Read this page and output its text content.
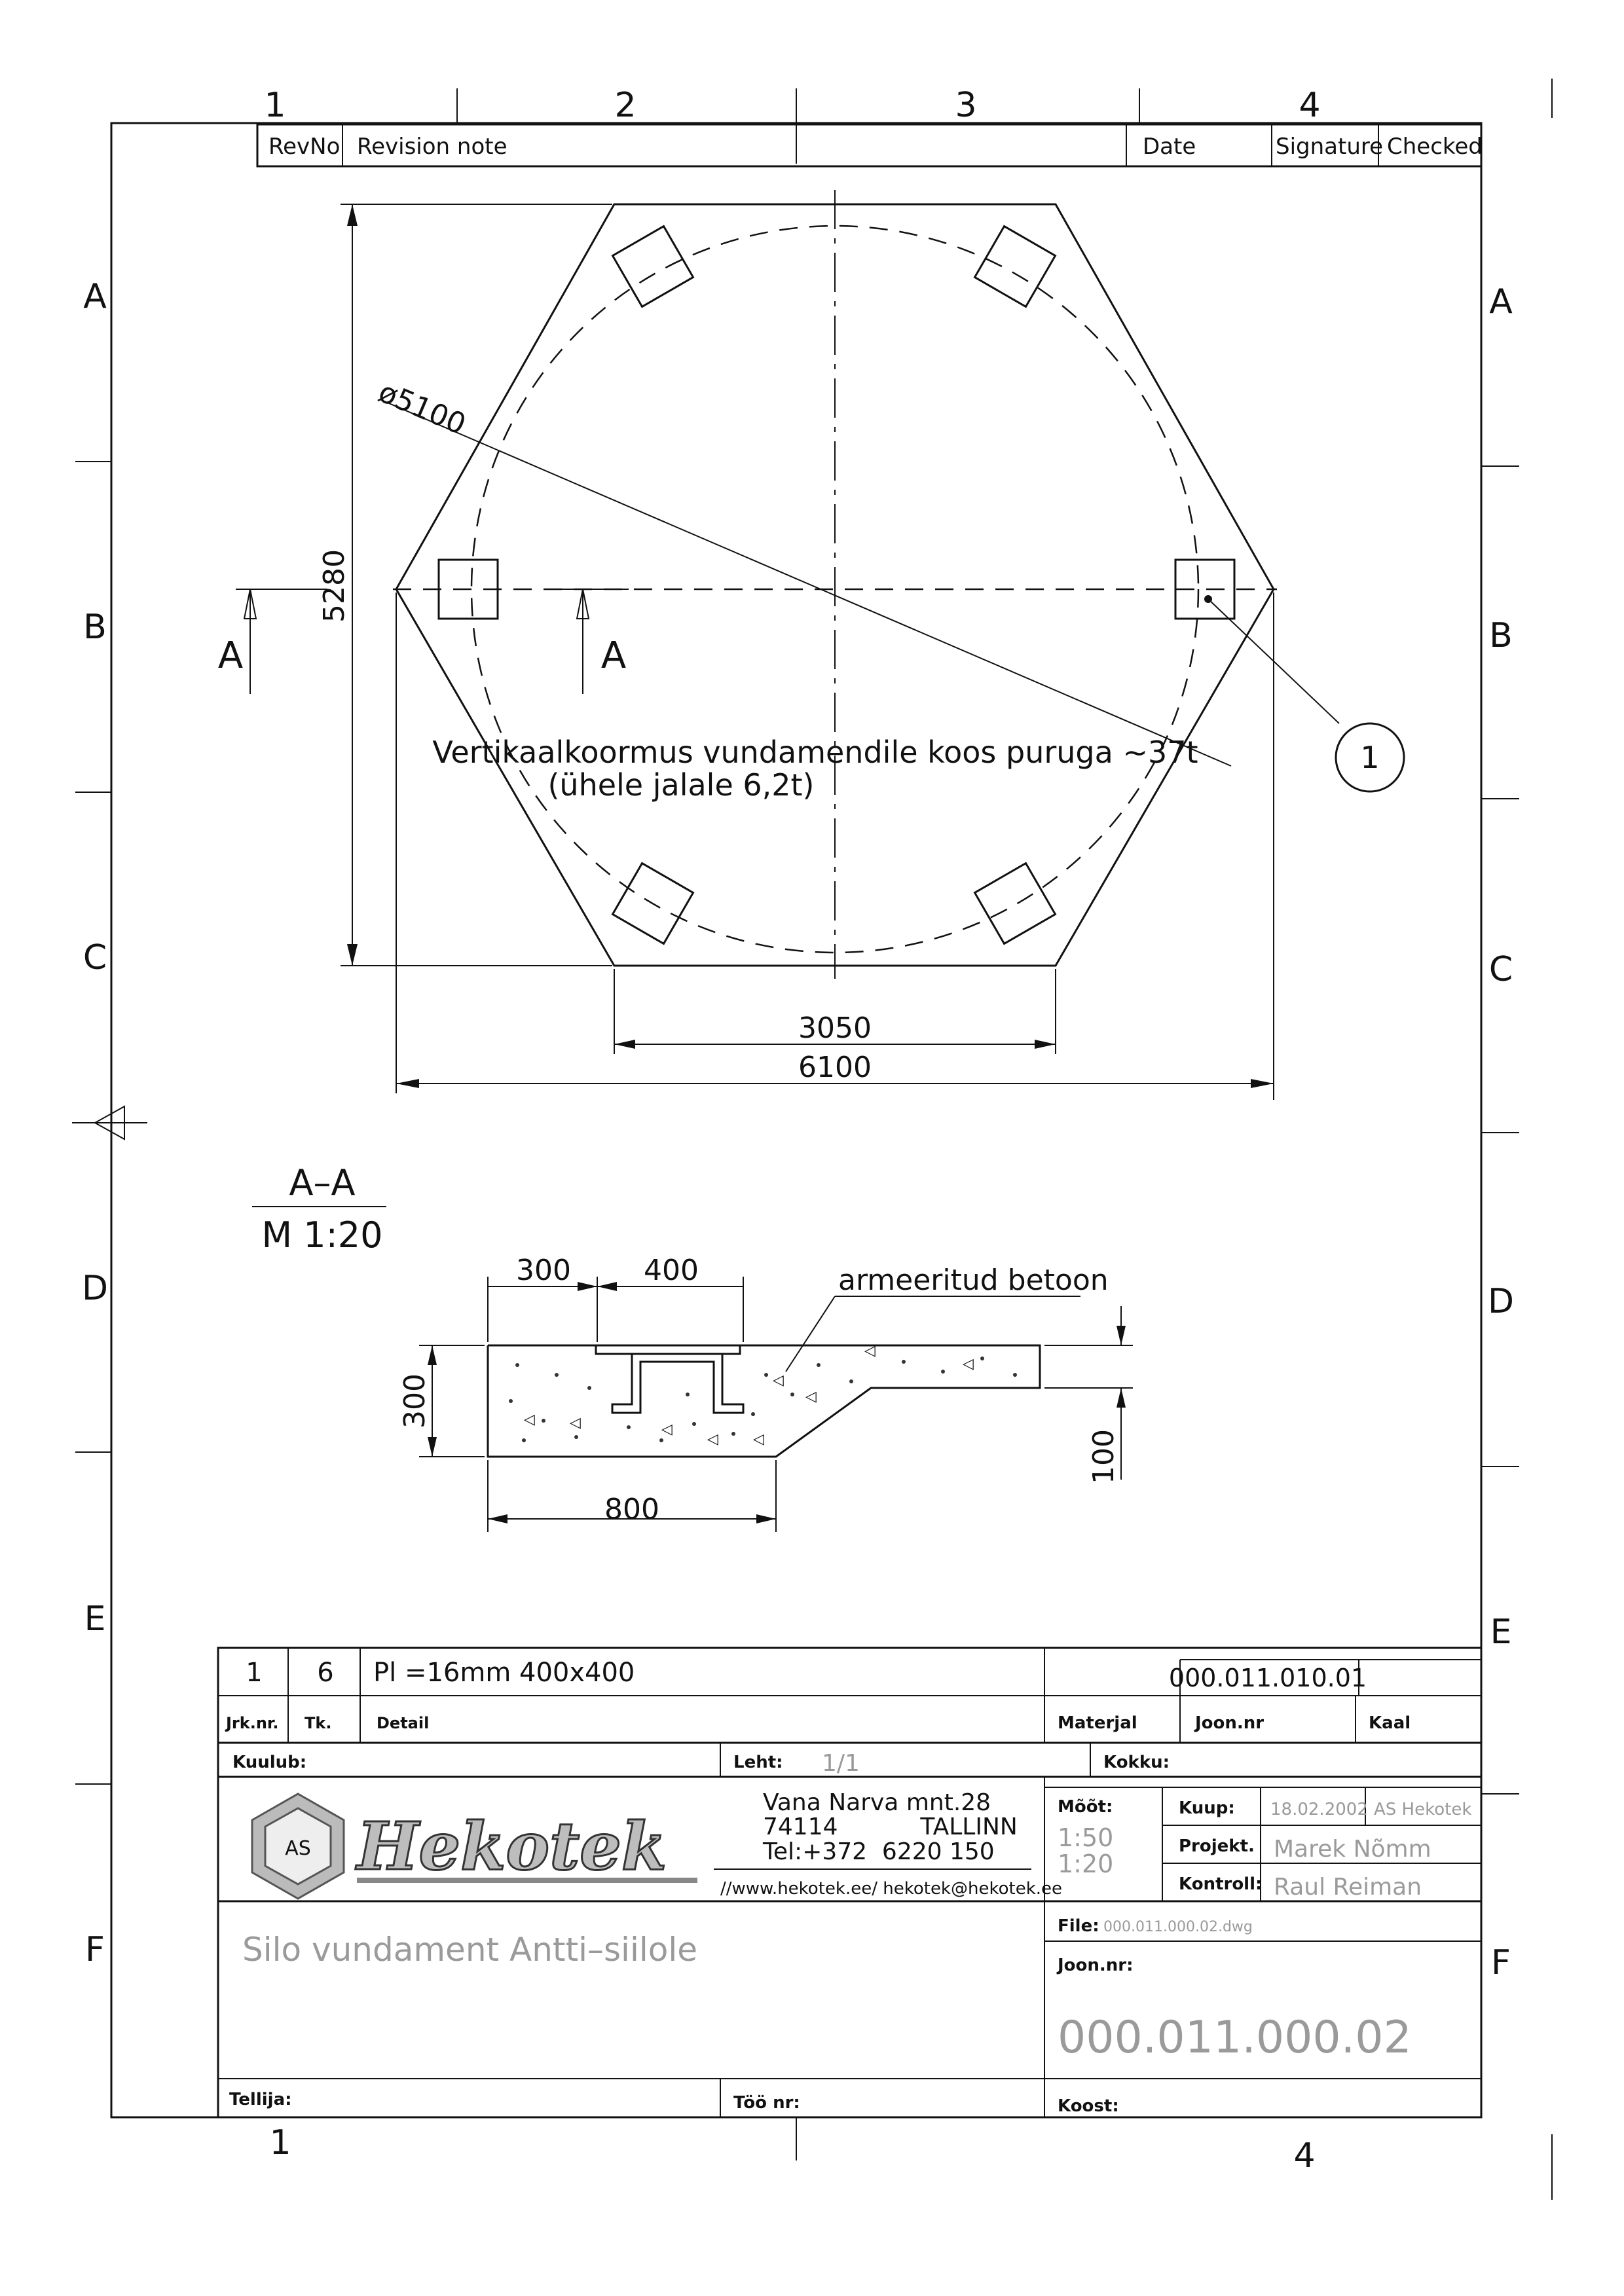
1	2	3	4
1	4
A
B
C
D
E
F
A
B
C
D
E
F
RevNo Revision note	Date	Signature Checked
ø5100
5280
3050
6100
A	A
1
Vertikaalkoormus vundamendile koos puruga ~37t
(ühele jalale 6,2t)
A–A
M 1:20
◁ ◁	◁
◁
◁
◁
◁
◁ ◁
300	400	armeeritud betoon
300
100
800
1 6 Pl =16mm 400x400	000.011.010.01
Jrk.nr. Tk.	Detail	Materjal	Joon.nr	Kaal
Kuulub:	Leht: 1/1	Kokku:
AS Hekotek
Vana Narva mnt.28
74114           TALLINN
Tel:+372  6220 150
//www.hekotek.ee/ hekotek@hekotek.ee
Mõõt:
1:50
1:20
Kuup: 18.02.2002 AS Hekotek
Projekt. Marek Nõmm
Kontroll: Raul Reiman
Silo vundament Antti–siilole
File: 000.011.000.02.dwg
Joon.nr:
000.011.000.02
Tellija:	Töö nr:	Koost:
